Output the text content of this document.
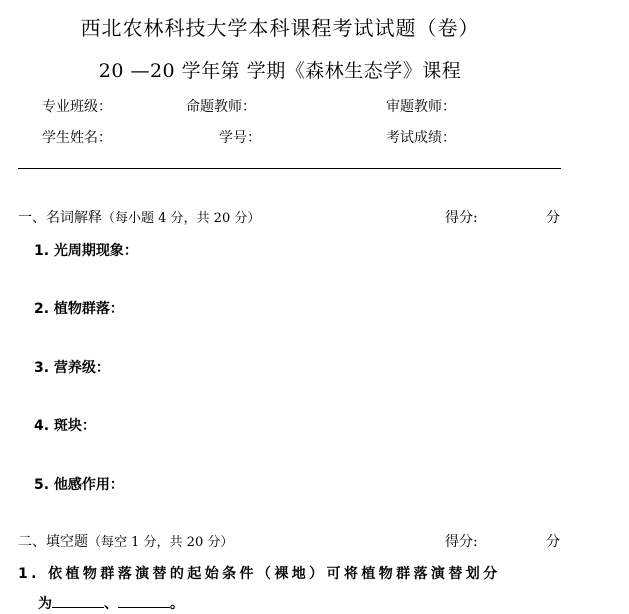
西北农林科技大学本科课程考试试题（卷）
20 —20 学年第 学期《森林生态学》课程
专业班级：	命题教师：	审题教师：
学生姓名：	学号：	考试成绩：
一、名词解释（每小题 4 分，共 20 分）	得分:	分
1. 光周期现象：
2. 植物群落：
3. 营养级：
4. 斑块：
5. 他感作用：
二、填空题（每空 1 分，共 20 分）	得分:	分
1. 依植物群落演替的起始条件（裸地）可将植物群落演替划分
为	、	。
